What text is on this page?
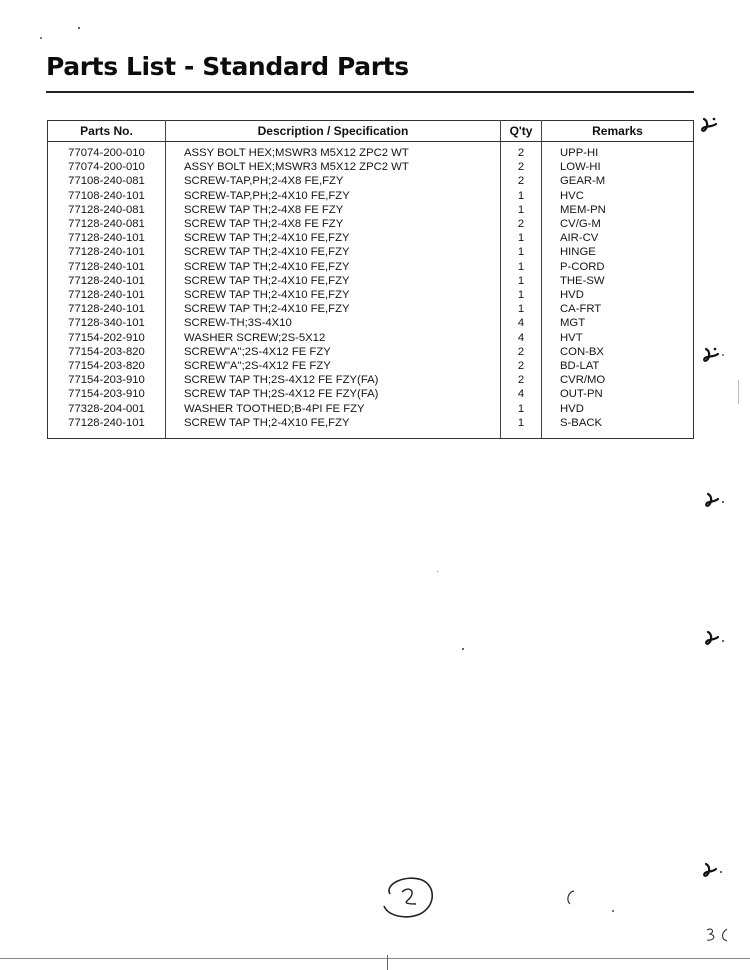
Parts List - Standard Parts
Parts No.	Description / Specification	Q'ty	Remarks
77074-200-010	ASSY BOLT HEX;MSWR3 M5X12 ZPC2 WT	2	UPP-HI
77074-200-010	ASSY BOLT HEX;MSWR3 M5X12 ZPC2 WT	2	LOW-HI
77108-240-081	SCREW-TAP,PH;2-4X8 FE,FZY	2	GEAR-M
77108-240-101	SCREW-TAP,PH;2-4X10 FE,FZY	1	HVC
77128-240-081	SCREW TAP TH;2-4X8 FE FZY	1	MEM-PN
77128-240-081	SCREW TAP TH;2-4X8 FE FZY	2	CV/G-M
77128-240-101	SCREW TAP TH;2-4X10 FE,FZY	1	AIR-CV
77128-240-101	SCREW TAP TH;2-4X10 FE,FZY	1	HINGE
77128-240-101	SCREW TAP TH;2-4X10 FE,FZY	1	P-CORD
77128-240-101	SCREW TAP TH;2-4X10 FE,FZY	1	THE-SW
77128-240-101	SCREW TAP TH;2-4X10 FE,FZY	1	HVD
77128-240-101	SCREW TAP TH;2-4X10 FE,FZY	1	CA-FRT
77128-340-101	SCREW-TH;3S-4X10	4	MGT
77154-202-910	WASHER SCREW;2S-5X12	4	HVT
77154-203-820	SCREW"A";2S-4X12 FE FZY	2	CON-BX
77154-203-820	SCREW"A";2S-4X12 FE FZY	2	BD-LAT
77154-203-910	SCREW TAP TH;2S-4X12 FE FZY(FA)	2	CVR/MO
77154-203-910	SCREW TAP TH;2S-4X12 FE FZY(FA)	4	OUT-PN
77328-204-001	WASHER TOOTHED;B-4PI FE FZY	1	HVD
77128-240-101	SCREW TAP TH;2-4X10 FE,FZY	1	S-BACK
